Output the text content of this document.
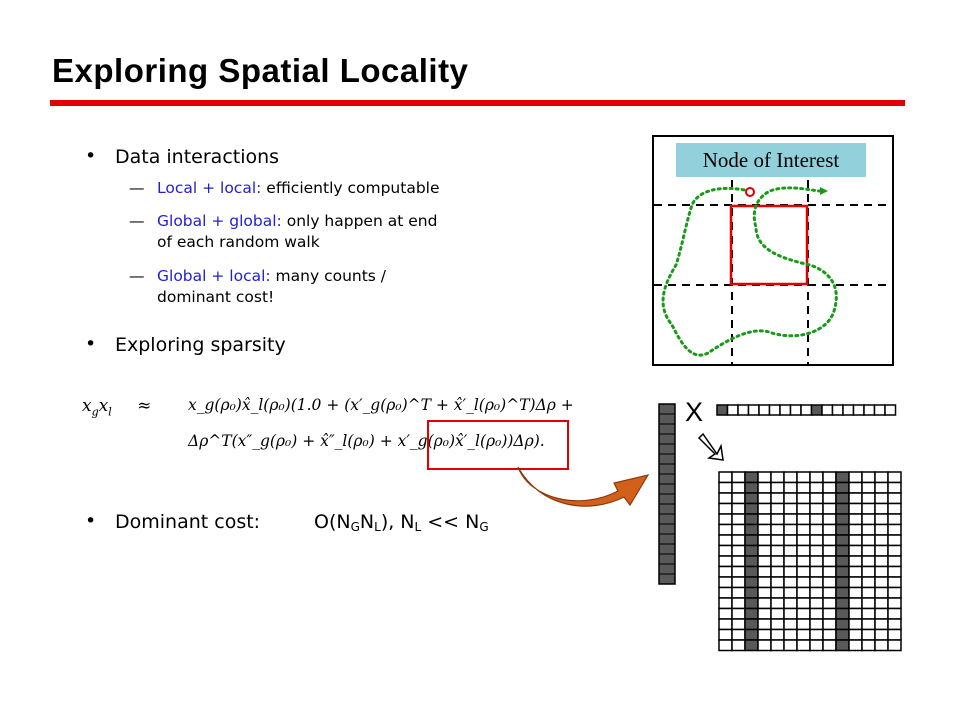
Exploring Spatial Locality
• Data interactions
— Local + local: efficiently computable
— Global + global: only happen at end
of each random walk
— Global + local: many counts /
dominant cost!
• Exploring sparsity
$x_gx_l$ ≈ x_g(ρ₀)x̂_l(ρ₀)(1.0 + (x′_g(ρ₀)^T + x̂′_l(ρ₀)^T)Δρ +
Δρ^T(x″_g(ρ₀) + x̂″_l(ρ₀) + x′_g(ρ₀)x̂′_l(ρ₀))Δρ).
• Dominant cost:	$O(N_GN_L)$, $N_L << N_G$
Node of Interest
X
